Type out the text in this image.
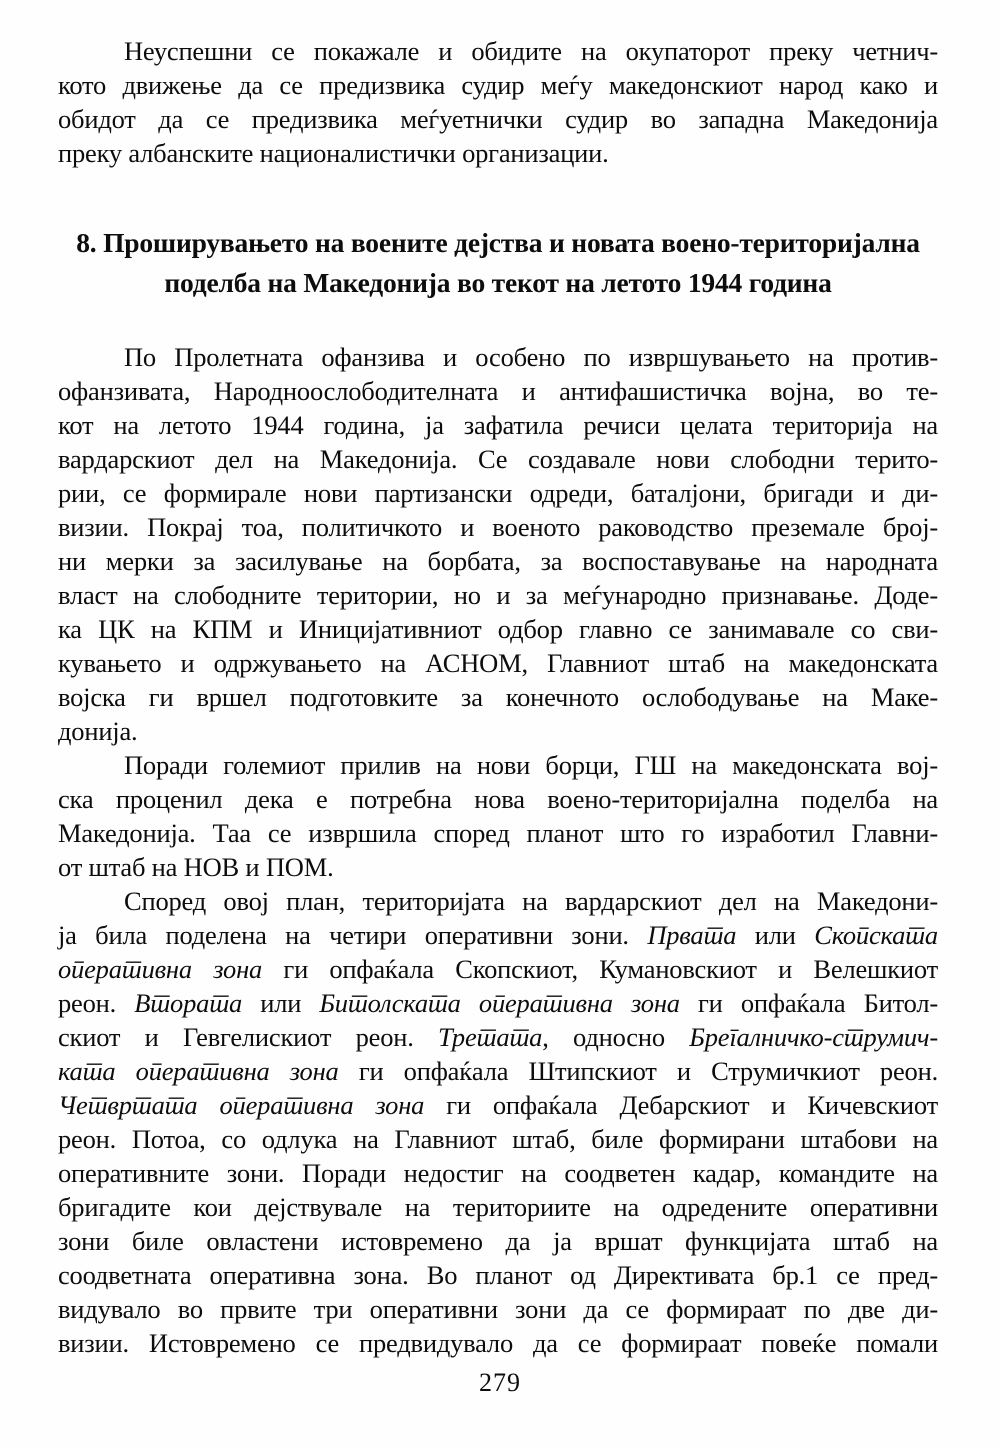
Неуспешни се покажале и обидите на окупаторот преку четнич-
кото движење да се предизвика судир меѓу македонскиот народ како и
обидот да се предизвика меѓуетнички судир во западна Македонија
преку албанските националистички организации.
8. Проширувањето на воените дејства и новата воено-територијална
поделба на Македонија во текот на летото 1944 година
По Пролетната офанзива и особено по извршувањето на против-
офанзивата, Народноослободителната и антифашистичка војна, во те-
кот на летото 1944 година, ја зафатила речиси целата територија на
вардарскиот дел на Македонија. Се создавале нови слободни терито-
рии, се формирале нови партизански одреди, баталјони, бригади и ди-
визии. Покрај тоа, политичкото и военото раководство преземале број-
ни мерки за засилување на борбата, за воспоставување на народната
власт на слободните територии, но и за меѓународно признавање. Доде-
ка ЦК на КПМ и Иницијативниот одбор главно се занимавале со сви-
кувањето и одржувањето на АСНОМ, Главниот штаб на македонската
војска ги вршел подготовките за конечното ослободување на Маке-
донија.
Поради големиот прилив на нови борци, ГШ на македонската вој-
ска проценил дека е потребна нова воено-територијална поделба на
Македонија. Таа се извршила според планот што го изработил Главни-
от штаб на НОВ и ПОМ.
Според овој план, територијата на вардарскиот дел на Македони-
ја била поделена на четири оперативни зони. Првата или Скопската
оперативна зона ги опфаќала Скопскиот, Кумановскиот и Велешкиот
реон. Втората или Битолската оперативна зона ги опфаќала Битол-
скиот и Гевгелискиот реон. Третата, односно Брегалничко-струмич-
ката оперативна зона ги опфаќала Штипскиот и Струмичкиот реон.
Четвртата оперативна зона ги опфаќала Дебарскиот и Кичевскиот
реон. Потоа, со одлука на Главниот штаб, биле формирани штабови на
оперативните зони. Поради недостиг на соодветен кадар, командите на
бригадите кои дејствувале на териториите на одредените оперативни
зони биле овластени истовремено да ја вршат функцијата штаб на
соодветната оперативна зона. Во планот од Директивата бр.1 се пред-
видувало во првите три оперативни зони да се формираат по две ди-
визии. Истовремено се предвидувало да се формираат повеќе помали
279
